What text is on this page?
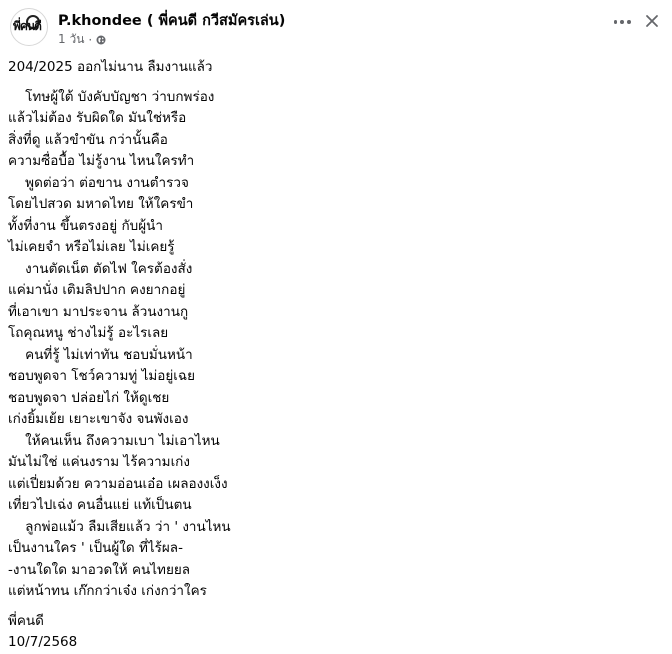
พี่คนดี P.khondee ( พี่คนดี กวีสมัครเล่น)
1 วัน ·
204/2025 ออกไม่นาน ลืมงานแล้ว
โทษผู้ใต้ บังคับบัญชา ว่าบกพร่อง
แล้วไม่ต้อง รับผิดใด มันใช่หรือ
สิ่งที่ดู แล้วขำขัน กว่านั้นคือ
ความซื่อบื้อ ไม่รู้งาน ไหนใครทำ
พูดต่อว่า ต่อขาน งานตำรวจ
โดยไปสวด มหาดไทย ให้ใครขำ
ทั้งที่งาน ขึ้นตรงอยู่ กับผู้นำ
ไม่เคยจำ หรือไม่เลย ไม่เคยรู้
งานตัดเน็ต ตัดไฟ ใครต้องสั่ง
แค่มานั่ง เติมลิปปาก คงยากอยู่
ที่เอาเขา มาประจาน ล้วนงานกู
โถคุณหนู ช่างไม่รู้ อะไรเลย
คนที่รู้ ไม่เท่าทัน ชอบมั่นหน้า
ชอบพูดจา โชว์ความทู่ ไม่อยู่เฉย
ชอบพูดจา ปล่อยไก่ ให้ดูเชย
เก่งยิ้มเย้ย เยาะเขาจัง จนพังเอง
ให้คนเห็น ถึงความเบา ไม่เอาไหน
มันไม่ใช่ แค่นงราม ไร้ความเก่ง
แต่เปี่ยมด้วย ความอ่อนเอ๋อ เผลองงเง็ง
เที่ยวไปเฉ่ง คนอื่นแย่ แท้เป็นตน
ลูกพ่อแม้ว ลืมเสียแล้ว ว่า ' งานไหน
เป็นงานใคร ' เป็นผู้ใด ที่ไร้ผล-
-งานใดใด มาอวดให้ คนไทยยล
แต่หน้าทน เก๊กกว่าเจ๋ง เก่งกว่าใคร
พี่คนดี
10/7/2568
